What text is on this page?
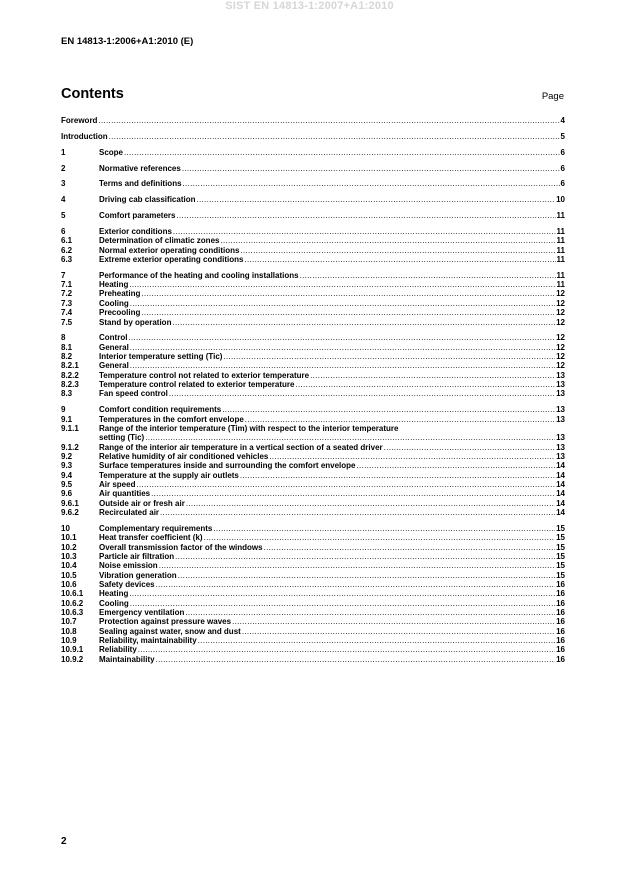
SIST EN 14813-1:2007+A1:2010
EN 14813-1:2006+A1:2010 (E)
Contents	Page
Foreword .....	4
Introduction .....	5
1	Scope .....	6
2	Normative references .....	6
3	Terms and definitions .....	6
4	Driving cab classification .....	10
5	Comfort parameters .....	11
6	Exterior conditions .....	11
6.1	Determination of climatic zones .....	11
6.2	Normal exterior operating conditions .....	11
6.3	Extreme exterior operating conditions .....	11
7	Performance of the heating and cooling installations .....	11
7.1	Heating .....	11
7.2	Preheating .....	12
7.3	Cooling .....	12
7.4	Precooling .....	12
7.5	Stand by operation .....	12
8	Control .....	12
8.1	General .....	12
8.2	Interior temperature setting (Tic) .....	12
8.2.1	General .....	12
8.2.2	Temperature control not related to exterior temperature .....	13
8.2.3	Temperature control related to exterior temperature .....	13
8.3	Fan speed control .....	13
9	Comfort condition requirements .....	13
9.1	Temperatures in the comfort envelope .....	13
9.1.1	Range of the interior temperature (Tim) with respect to the interior temperature
setting (Tic) .....	13
9.1.2	Range of the interior air temperature in a vertical section of a seated driver .....	13
9.2	Relative humidity of air conditioned vehicles .....	13
9.3	Surface temperatures inside and surrounding the comfort envelope .....	14
9.4	Temperature at the supply air outlets .....	14
9.5	Air speed .....	14
9.6	Air quantities .....	14
9.6.1	Outside air or fresh air .....	14
9.6.2	Recirculated air .....	14
10	Complementary requirements .....	15
10.1	Heat transfer coefficient (k) .....	15
10.2	Overall transmission factor of the windows .....	15
10.3	Particle air filtration .....	15
10.4	Noise emission .....	15
10.5	Vibration generation .....	15
10.6	Safety devices .....	16
10.6.1	Heating .....	16
10.6.2	Cooling .....	16
10.6.3	Emergency ventilation .....	16
10.7	Protection against pressure waves .....	16
10.8	Sealing against water, snow and dust .....	16
10.9	Reliability, maintainability .....	16
10.9.1	Reliability .....	16
10.9.2	Maintainability .....	16
2
